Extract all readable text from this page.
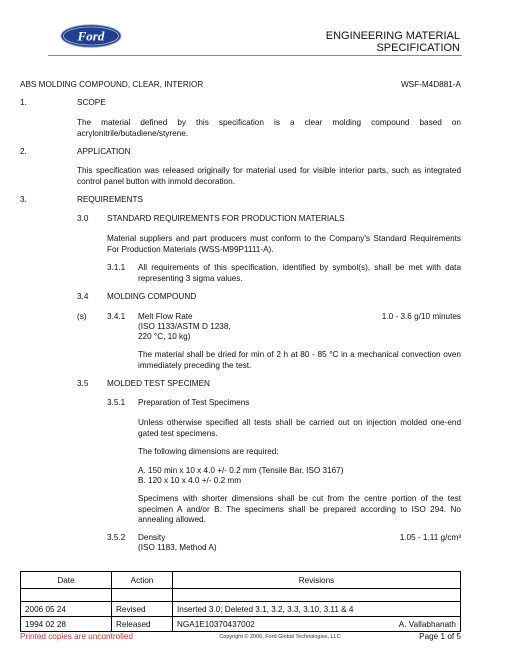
Ford	ENGINEERING MATERIAL SPECIFICATION
ABS MOLDING COMPOUND, CLEAR, INTERIOR	WSF-M4D881-A
1.	SCOPE
The material defined by this specification is a clear molding compound based on acrylonitrile/butadiene/styrene.
2.	APPLICATION
This specification was released originally for material used for visible interior parts, such as integrated control panel button with inmold decoration.
3.	REQUIREMENTS
3.0 STANDARD REQUIREMENTS FOR PRODUCTION MATERIALS
Material suppliers and part producers must conform to the Company's Standard Requirements For Production Materials (WSS-M99P1111-A).
3.1.1 All requirements of this specification, identified by symbol(s), shall be met with data representing 3 sigma values.
3.4 MOLDING COMPOUND
(s) 3.4.1 Melt Flow Rate
(ISO 1133/ASTM D 1238,
220 °C, 10 kg)
1.0 - 3.6 g/10 minutes
The material shall be dried for min of 2 h at 80 - 85 °C in a mechanical convection oven immediately preceding the test.
3.5 MOLDED TEST SPECIMEN
3.5.1 Preparation of Test Specimens
Unless otherwise specified all tests shall be carried out on injection molded one-end gated test specimens.
The following dimensions are required:
A. 150 min x 10 x 4.0 +/- 0.2 mm (Tensile Bar, ISO 3167)
B. 120 x 10 x 4.0 +/- 0.2 mm
Specimens with shorter dimensions shall be cut from the centre portion of the test specimen A and/or B. The specimens shall be prepared according to ISO 294. No annealing allowed.
3.5.2 Density
(ISO 1183, Method A)
1.05 - 1.11 g/cm³
Date	Action	Revisions	

2006 05 24	Revised	Inserted 3.0; Deleted 3.1, 3.2, 3.3, 3.10, 3.11 & 4	
1994 02 28	Released	NGA1E10370437002	A. Vallabhanath
Printed copies are uncontrolled	Copyright © 2006, Ford Global Technologies, LLC	Page 1 of 5
